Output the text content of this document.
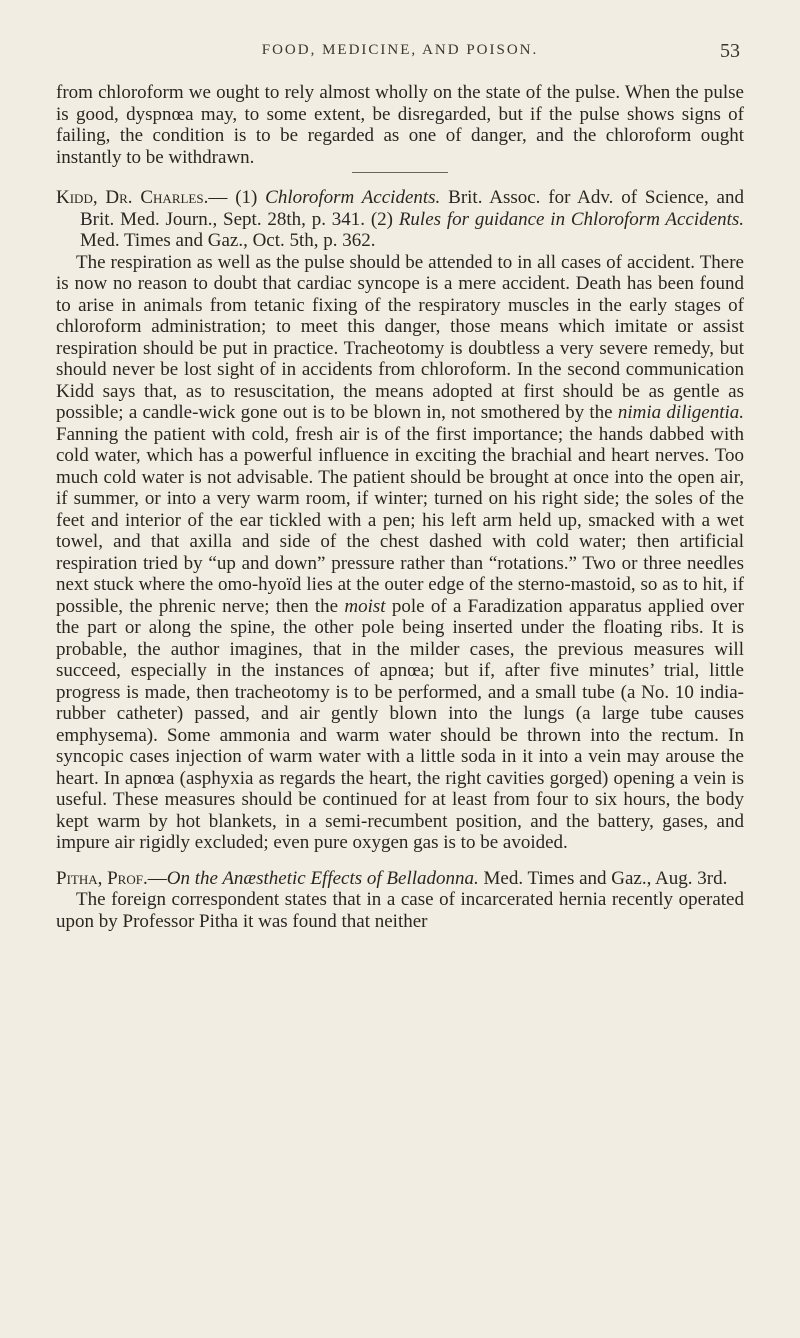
FOOD, MEDICINE, AND POISON.	53

from chloroform we ought to rely almost wholly on the state of the pulse. When the pulse is good, dyspnœa may, to some extent, be disregarded, but if the pulse shows signs of failing, the condition is to be regarded as one of danger, and the chloroform ought instantly to be withdrawn.

Kidd, Dr. Charles.— (1) Chloroform Accidents. Brit. Assoc. for Adv. of Science, and Brit. Med. Journ., Sept. 28th, p. 341. (2) Rules for guidance in Chloroform Accidents. Med. Times and Gaz., Oct. 5th, p. 362.

The respiration as well as the pulse should be attended to in all cases of accident. There is now no reason to doubt that cardiac syncope is a mere accident. Death has been found to arise in animals from tetanic fixing of the respiratory muscles in the early stages of chloroform administration; to meet this danger, those means which imitate or assist respiration should be put in practice. Tracheotomy is doubtless a very severe remedy, but should never be lost sight of in accidents from chloroform. In the second communication Kidd says that, as to resuscitation, the means adopted at first should be as gentle as possible; a candle-wick gone out is to be blown in, not smothered by the nimia diligentia. Fanning the patient with cold, fresh air is of the first importance; the hands dabbed with cold water, which has a powerful influence in exciting the brachial and heart nerves. Too much cold water is not advisable. The patient should be brought at once into the open air, if summer, or into a very warm room, if winter; turned on his right side; the soles of the feet and interior of the ear tickled with a pen; his left arm held up, smacked with a wet towel, and that axilla and side of the chest dashed with cold water; then artificial respiration tried by “up and down” pressure rather than “rotations.” Two or three needles next stuck where the omo-hyoïd lies at the outer edge of the sterno-mastoid, so as to hit, if possible, the phrenic nerve; then the moist pole of a Faradization apparatus applied over the part or along the spine, the other pole being inserted under the floating ribs. It is probable, the author imagines, that in the milder cases, the previous measures will succeed, especially in the instances of apnœa; but if, after five minutes’ trial, little progress is made, then tracheotomy is to be performed, and a small tube (a No. 10 india-rubber catheter) passed, and air gently blown into the lungs (a large tube causes emphysema). Some ammonia and warm water should be thrown into the rectum. In syncopic cases injection of warm water with a little soda in it into a vein may arouse the heart. In apnœa (asphyxia as regards the heart, the right cavities gorged) opening a vein is useful. These measures should be continued for at least from four to six hours, the body kept warm by hot blankets, in a semi-recumbent position, and the battery, gases, and impure air rigidly excluded; even pure oxygen gas is to be avoided.

Pitha, Prof.—On the Anæsthetic Effects of Belladonna. Med. Times and Gaz., Aug. 3rd.

The foreign correspondent states that in a case of incarcerated hernia recently operated upon by Professor Pitha it was found that neither
